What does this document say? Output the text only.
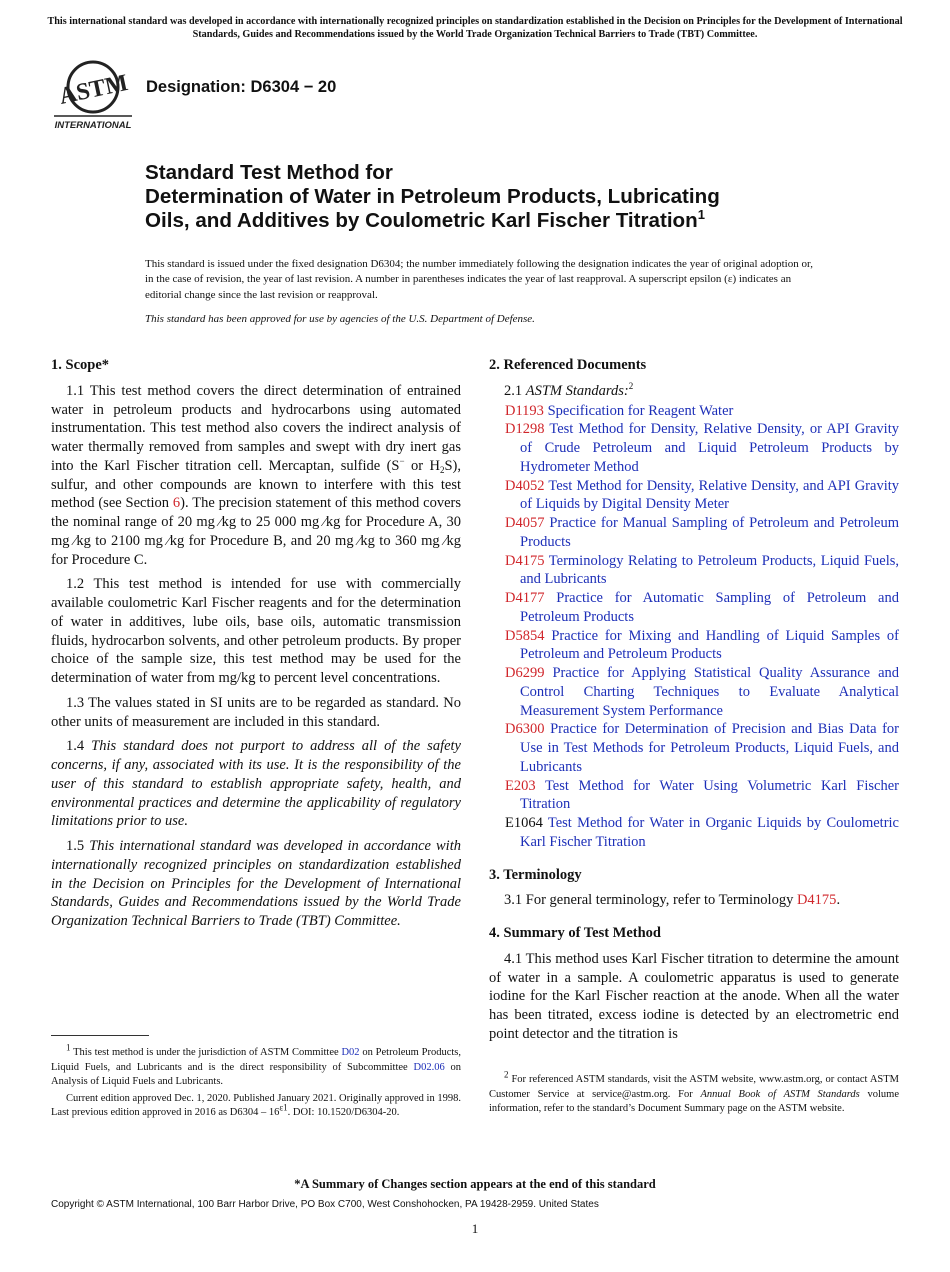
This international standard was developed in accordance with internationally recognized principles on standardization established in the Decision on Principles for the Development of International Standards, Guides and Recommendations issued by the World Trade Organization Technical Barriers to Trade (TBT) Committee.
ASTM
INTERNATIONAL
Designation: D6304 − 20
Standard Test Method for
Determination of Water in Petroleum Products, Lubricating
Oils, and Additives by Coulometric Karl Fischer Titration$^1$
This standard is issued under the fixed designation D6304; the number immediately following the designation indicates the year of original adoption or, in the case of revision, the year of last revision. A number in parentheses indicates the year of last reapproval. A superscript epsilon (ε) indicates an editorial change since the last revision or reapproval.
This standard has been approved for use by agencies of the U.S. Department of Defense.
1. Scope*

1.1 This test method covers the direct determination of entrained water in petroleum products and hydrocarbons using automated instrumentation. This test method also covers the indirect analysis of water thermally removed from samples and swept with dry inert gas into the Karl Fischer titration cell. Mercaptan, sulfide (S− or $H_2S$), sulfur, and other compounds are known to interfere with this test method (see Section 6). The precision statement of this method covers the nominal range of 20 mg ⁄kg to 25 000 mg ⁄kg for Procedure A, 30 mg ⁄kg to 2100 mg ⁄kg for Procedure B, and 20 mg ⁄kg to 360 mg ⁄kg for Procedure C.

1.2 This test method is intended for use with commercially available coulometric Karl Fischer reagents and for the determination of water in additives, lube oils, base oils, automatic transmission fluids, hydrocarbon solvents, and other petroleum products. By proper choice of the sample size, this test method may be used for the determination of water from mg/kg to percent level concentrations.

1.3 The values stated in SI units are to be regarded as standard. No other units of measurement are included in this standard.

1.4 This standard does not purport to address all of the safety concerns, if any, associated with its use. It is the responsibility of the user of this standard to establish appropriate safety, health, and environmental practices and determine the applicability of regulatory limitations prior to use.

1.5 This international standard was developed in accordance with internationally recognized principles on standardization established in the Decision on Principles for the Development of International Standards, Guides and Recommendations issued by the World Trade Organization Technical Barriers to Trade (TBT) Committee.

2. Referenced Documents
2.1 ASTM Standards:$^2$
D1193 Specification for Reagent Water
D1298 Test Method for Density, Relative Density, or API Gravity of Crude Petroleum and Liquid Petroleum Products by Hydrometer Method
D4052 Test Method for Density, Relative Density, and API Gravity of Liquids by Digital Density Meter
D4057 Practice for Manual Sampling of Petroleum and Petroleum Products
D4175 Terminology Relating to Petroleum Products, Liquid Fuels, and Lubricants
D4177 Practice for Automatic Sampling of Petroleum and Petroleum Products
D5854 Practice for Mixing and Handling of Liquid Samples of Petroleum and Petroleum Products
D6299 Practice for Applying Statistical Quality Assurance and Control Charting Techniques to Evaluate Analytical Measurement System Performance
D6300 Practice for Determination of Precision and Bias Data for Use in Test Methods for Petroleum Products, Liquid Fuels, and Lubricants
E203 Test Method for Water Using Volumetric Karl Fischer Titration
E1064 Test Method for Water in Organic Liquids by Coulometric Karl Fischer Titration
3. Terminology

3.1 For general terminology, refer to Terminology D4175.

4. Summary of Test Method

4.1 This method uses Karl Fischer titration to determine the amount of water in a sample. A coulometric apparatus is used to generate iodine for the Karl Fischer reaction at the anode. When all the water has been titrated, excess iodine is detected by an electrometric end point detector and the titration is

$^1$ This test method is under the jurisdiction of ASTM Committee D02 on Petroleum Products, Liquid Fuels, and Lubricants and is the direct responsibility of Subcommittee D02.06 on Analysis of Liquid Fuels and Lubricants.
Current edition approved Dec. 1, 2020. Published January 2021. Originally approved in 1998. Last previous edition approved in 2016 as $D6304 - 16^{\varepsilon 1}$. DOI: 10.1520/D6304-20.
$^2$ For referenced ASTM standards, visit the ASTM website, www.astm.org, or contact ASTM Customer Service at service@astm.org. For Annual Book of ASTM Standards volume information, refer to the standard’s Document Summary page on the ASTM website.
*A Summary of Changes section appears at the end of this standard
Copyright © ASTM International, 100 Barr Harbor Drive, PO Box C700, West Conshohocken, PA 19428-2959. United States
1
